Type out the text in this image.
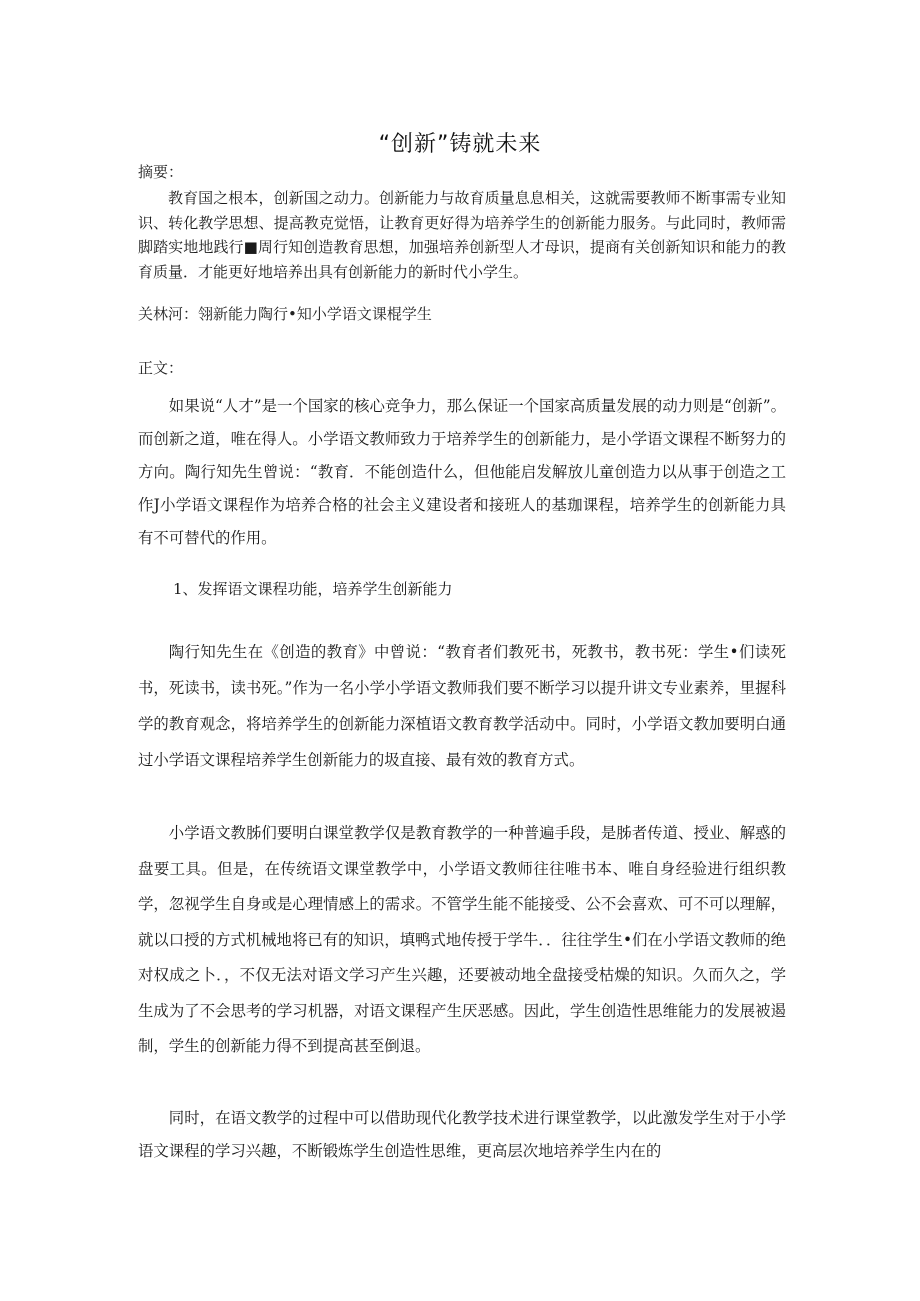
“创新”铸就未来
摘要：
教育国之根本，创新国之动力。创新能力与故育质量息息相关，这就需要教师不断事需专业知识、转化教学思想、提高教克觉悟，让教育更好得为培养学生的创新能力服务。与此同时，教师需脚踏实地地践行■周行知创造教育思想，加强培养创新型人才母识，提商有关创新知识和能力的教育质量．才能更好地培养出具有创新能力的新时代小学生。
关林河：翎新能力陶行•知小学语文课棍学生
正文：
如果说“人才”是一个国家的核心竞争力，那么保证一个国家高质量发展的动力则是“创新”。而创新之道，唯在得人。小学语文教师致力于培养学生的创新能力，是小学语文课程不断努力的方向。陶行知先生曾说：“教育．不能创造什么，但他能启发解放儿童创造力以从事于创造之工作J小学语文课程作为培养合格的社会主义建设者和接班人的基珈课程，培养学生的创新能力具有不可替代的作用。
1、发挥语文课程功能，培养学生创新能力
陶行知先生在《创造的教育》中曾说：“教育者们教死书，死教书，教书死：学生•们读死书，死读书，读书死。”作为一名小学小学语文教师我们要不断学习以提升讲文专业素养，里握科学的教育观念，将培养学生的创新能力深植语文教育教学活动中。同时，小学语文教加要明白通过小学语文课程培养学生创新能力的圾直接、最有效的教育方式。
小学语文教胏们要明白课堂教学仅是教育教学的一种普遍手段，是胏者传道、授业、解惑的盘要工具。但是，在传统语文课堂教学中，小学语文教师往往唯书本、唯自身经验进行组织教学，忽视学生自身或是心理情感上的需求。不管学生能不能接受、公不会喜欢、可不可以理解，就以口授的方式机械地将已有的知识，填鸭式地传授于学牛．．往往学生•们在小学语文教师的绝对权成之卜．，不仅无法对语文学习产生兴趣，还要被动地全盘接受枯燥的知识。久而久之，学生成为了不会思考的学习机器，对语文课程产生厌恶感。因此，学生创造性思维能力的发展被遏制，学生的创新能力得不到提高甚至倒退。
同时，在语文教学的过程中可以借助现代化教学技术进行课堂教学，以此激发学生对于小学语文课程的学习兴趣，不断锻炼学生创造性思维，更高层次地培养学生内在的
